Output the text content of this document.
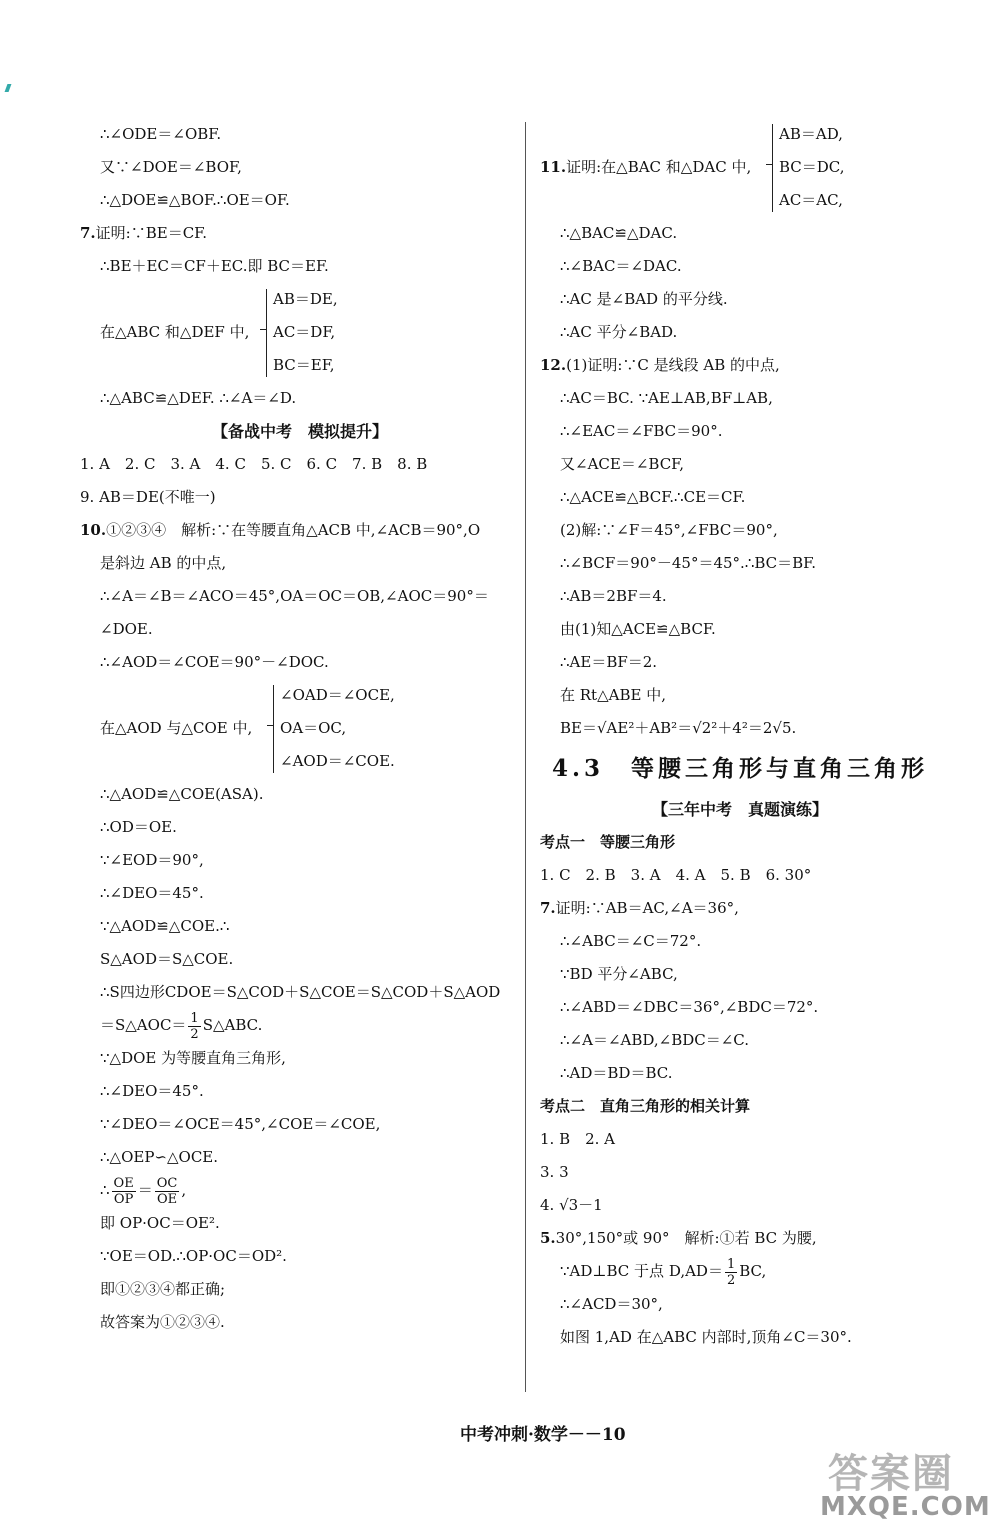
∴∠ODE＝∠OBF.
又∵∠DOE＝∠BOF,
∴△DOE≌△BOF.∴OE＝OF.
7.证明:∵BE＝CF.
∴BE＋EC＝CF＋EC.即 BC＝EF.
在△ABC 和△DEF 中,
AB＝DE,
AC＝DF,
BC＝EF,
∴△ABC≌△DEF. ∴∠A＝∠D.
【备战中考　模拟提升】
1. A　2. C　3. A　4. C　5. C　6. C　7. B　8. B
9. AB＝DE(不唯一)
10.①②③④　解析:∵在等腰直角△ACB 中,∠ACB＝90°,O
是斜边 AB 的中点,
∴∠A＝∠B＝∠ACO＝45°,OA＝OC＝OB,∠AOC＝90°＝
∠DOE.
∴∠AOD＝∠COE＝90°－∠DOC.
在△AOD 与△COE 中,
∠OAD＝∠OCE,
OA＝OC,
∠AOD＝∠COE.
∴△AOD≌△COE(ASA).
∴OD＝OE.
∵∠EOD＝90°,
∴∠DEO＝45°.
∵△AOD≌△COE.∴
S△AOD＝S△COE.
∴S四边形CDOE＝S△COD＋S△COE＝S△COD＋S△AOD
＝S△AOC＝ $\frac{1}{2}$ S△ABC.
∵△DOE 为等腰直角三角形,
∴∠DEO＝45°.
∵∠DEO＝∠OCE＝45°,∠COE＝∠COE,
∴△OEP∽△OCE.
∴ $\frac{OE}{OP} = \frac{OC}{OE}$ ,
即 OP·OC＝OE².
∵OE＝OD.∴OP·OC＝OD².
即①②③④都正确;
故答案为①②③④.
11.证明:在△BAC 和△DAC 中,
AB＝AD,
BC＝DC,
AC＝AC,
∴△BAC≌△DAC.
∴∠BAC＝∠DAC.
∴AC 是∠BAD 的平分线.
∴AC 平分∠BAD.
12.(1)证明:∵C 是线段 AB 的中点,
∴AC＝BC. ∵AE⊥AB,BF⊥AB,
∴∠EAC＝∠FBC＝90°.
又∠ACE＝∠BCF,
∴△ACE≌△BCF.∴CE＝CF.
(2)解:∵∠F＝45°,∠FBC＝90°,
∴∠BCF＝90°－45°＝45°.∴BC＝BF.
∴AB＝2BF＝4.
由(1)知△ACE≌△BCF.
∴AE＝BF＝2.
在 Rt△ABE 中,
BE＝√AE²＋AB²＝√2²＋4²＝2√5.
4.3　等腰三角形与直角三角形
【三年中考　真题演练】
考点一　等腰三角形
1. C　2. B　3. A　4. A　5. B　6. 30°
7.证明:∵AB＝AC,∠A＝36°,
∴∠ABC＝∠C＝72°.
∵BD 平分∠ABC,
∴∠ABD＝∠DBC＝36°,∠BDC＝72°.
∴∠A＝∠ABD,∠BDC＝∠C.
∴AD＝BD＝BC.
考点二　直角三角形的相关计算
1. B　2. A
3. 3
4. √3－1
5.30°,150°或 90°　解析:①若 BC 为腰,
∵AD⊥BC 于点 $D,AD= \frac{1}{2}$ BC,
∴∠ACD＝30°,
如图 1,AD 在△ABC 内部时,顶角∠C＝30°.
中考冲刺·数学－－10
答案圈
MXQE.COM
